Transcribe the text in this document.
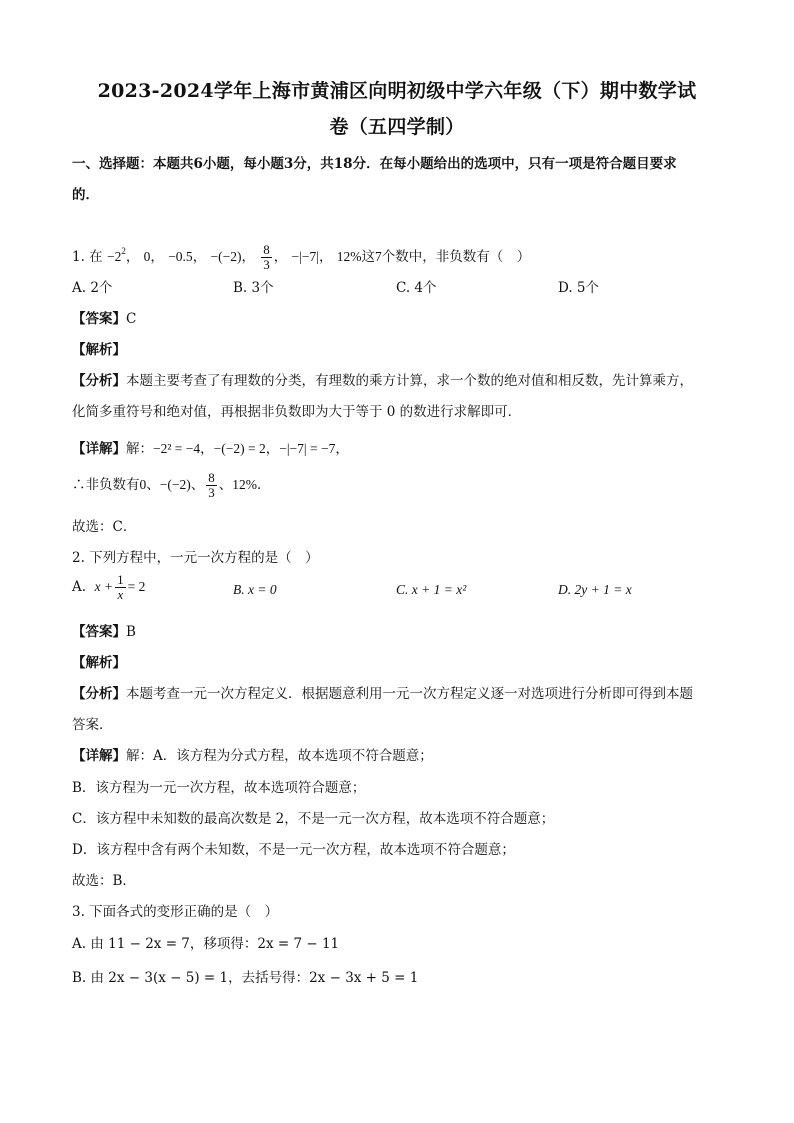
2023-2024学年上海市黄浦区向明初级中学六年级（下）期中数学试
卷（五四学制）
一、选择题：本题共6小题，每小题3分，共18分．在每小题给出的选项中，只有一项是符合题目要求
的．
1. 在 $-2^2$， 0， −0.5， −(−2)， $\frac{8}{3}$ ， −|−7|， 12%这7个数中，非负数有（　）
A. 2个	B. 3个	C. 4个	D. 5个
【答案】C
【解析】
【分析】本题主要考查了有理数的分类，有理数的乘方计算，求一个数的绝对值和相反数，先计算乘方，
化简多重符号和绝对值，再根据非负数即为大于等于 0 的数进行求解即可．
【详解】解：−2² = −4，−(−2) = 2，−|−7| = −7，
∴非负数有0、−(−2)、 $\frac{8}{3}$ 、12%．
故选：C．
2. 下列方程中，一元一次方程的是（　）
A. $x + \frac{1}{x} = 2$	B. x = 0	C. x + 1 = x²	D. 2y + 1 = x
【答案】B
【解析】
【分析】本题考查一元一次方程定义．根据题意利用一元一次方程定义逐一对选项进行分析即可得到本题
答案．
【详解】解：A．该方程为分式方程，故本选项不符合题意；
B．该方程为一元一次方程，故本选项符合题意；
C．该方程中未知数的最高次数是 2，不是一元一次方程，故本选项不符合题意；
D．该方程中含有两个未知数，不是一元一次方程，故本选项不符合题意；
故选：B．
3. 下面各式的变形正确的是（　）
A. 由 11 − 2x = 7，移项得：2x = 7 − 11
B. 由 2x − 3(x − 5) = 1，去括号得：2x − 3x + 5 = 1
